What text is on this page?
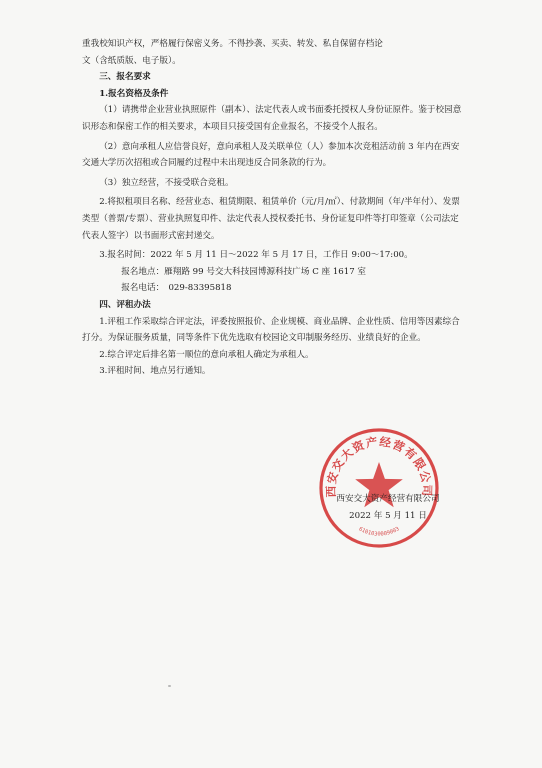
重我校知识产权，严格履行保密义务。不得抄袭、买卖、转发、私自保留存档论

文（含纸质版、电子版）。

三、报名要求

1.报名资格及条件

（1）请携带企业营业执照原件（副本）、法定代表人或书面委托授权人身份证原件。鉴于校园意识形态和保密工作的相关要求，本项目只接受国有企业报名，不接受个人报名。

（2）意向承租人应信誉良好，意向承租人及关联单位（人）参加本次竞租活动前 3 年内在西安交通大学历次招租或合同履约过程中未出现违反合同条款的行为。

（3）独立经营，不接受联合竞租。

2.将拟租项目名称、经营业态、租赁期限、租赁单价（元/月/㎡）、付款期间（年/半年付）、发票类型（普票/专票）、营业执照复印件、法定代表人授权委托书、身份证复印件等打印签章（公司法定代表人签字）以书面形式密封递交。

3.报名时间：2022 年 5 月 11 日～2022 年 5 月 17 日，工作日 9:00～17:00。

报名地点：雁翔路 99 号交大科技园博源科技广场 C 座 1617 室

报名电话：　029-83395818

四、评租办法

1.评租工作采取综合评定法，评委按照报价、企业规模、商业品牌、企业性质、信用等因素综合打分。为保证服务质量，同等条件下优先选取有校园论文印制服务经历、业绩良好的企业。

2.综合评定后排名第一顺位的意向承租人确定为承租人。

3.评租时间、地点另行通知。

西安交大资产经营有限公司
6101030009003

西安交大资产经营有限公司

2022 年 5 月 11 日
